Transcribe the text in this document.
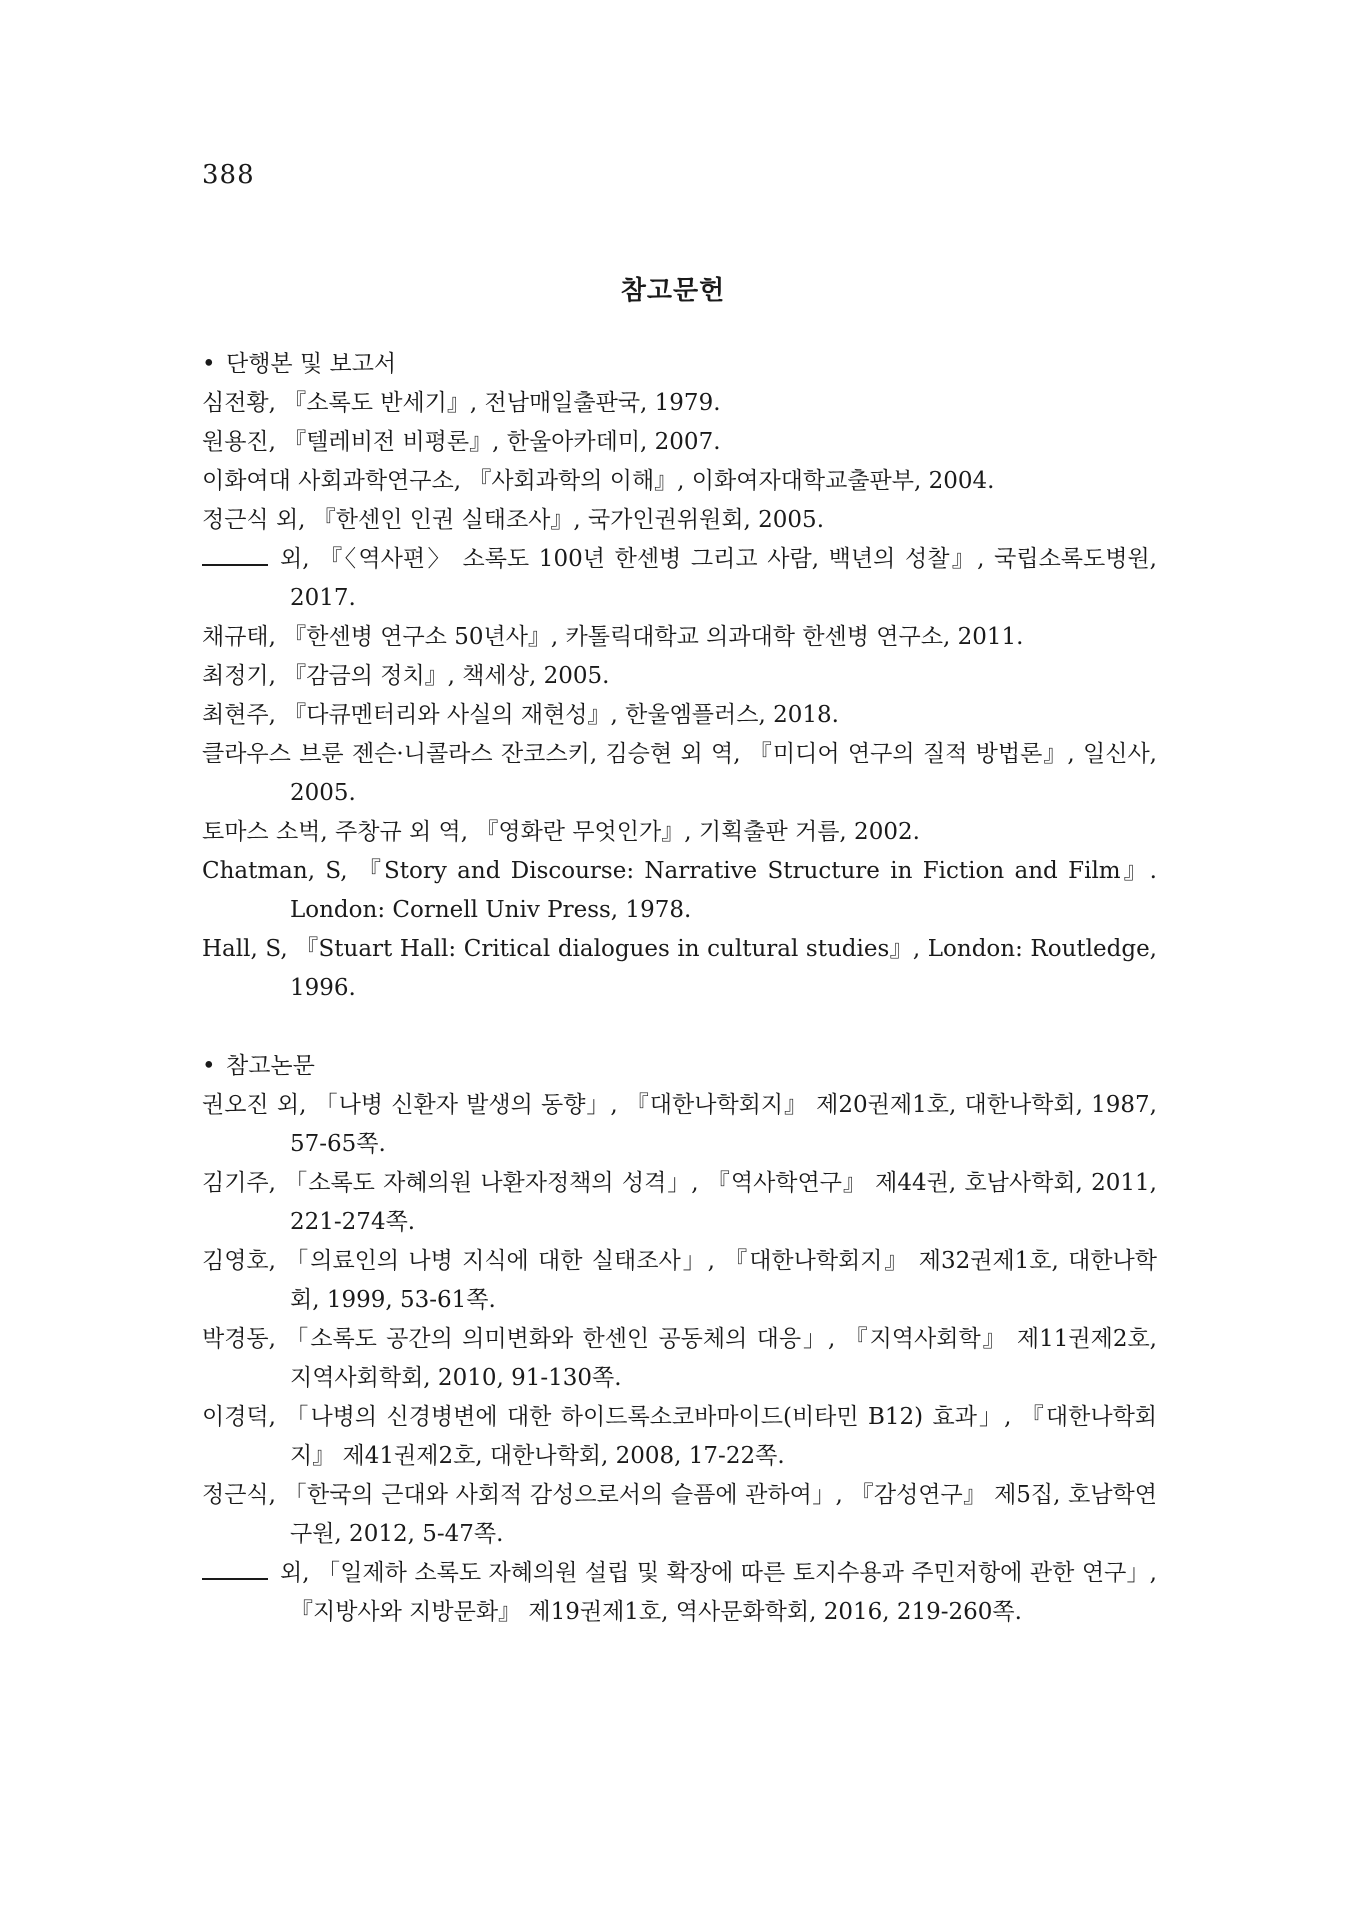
388
참고문헌

• 단행본 및 보고서

심전황, 『소록도 반세기』, 전남매일출판국, 1979.
원용진, 『텔레비전 비평론』, 한울아카데미, 2007.
이화여대 사회과학연구소, 『사회과학의 이해』, 이화여자대학교출판부, 2004.
정근식 외, 『한센인 인권 실태조사』, 국가인권위원회, 2005.
외, 『〈역사편〉 소록도 100년 한센병 그리고 사람, 백년의 성찰』, 국립소록도병원, 2017.
채규태, 『한센병 연구소 50년사』, 카톨릭대학교 의과대학 한센병 연구소, 2011.
최정기, 『감금의 정치』, 책세상, 2005.
최현주, 『다큐멘터리와 사실의 재현성』, 한울엠플러스, 2018.
클라우스 브룬 젠슨·니콜라스 잔코스키, 김승현 외 역, 『미디어 연구의 질적 방법론』, 일신사, 2005.
토마스 소벅, 주창규 외 역, 『영화란 무엇인가』, 기획출판 거름, 2002.
Chatman, S, 『Story and Discourse: Narrative Structure in Fiction and Film』. London: Cornell Univ Press, 1978.
Hall, S, 『Stuart Hall: Critical dialogues in cultural studies』, London: Routledge, 1996.

• 참고논문

권오진 외, 「나병 신환자 발생의 동향」, 『대한나학회지』 제20권제1호, 대한나학회, 1987, 57-65쪽.
김기주, 「소록도 자혜의원 나환자정책의 성격」, 『역사학연구』 제44권, 호남사학회, 2011, 221-274쪽.
김영호, 「의료인의 나병 지식에 대한 실태조사」, 『대한나학회지』 제32권제1호, 대한나학회, 1999, 53-61쪽.
박경동, 「소록도 공간의 의미변화와 한센인 공동체의 대응」, 『지역사회학』 제11권제2호, 지역사회학회, 2010, 91-130쪽.
이경덕, 「나병의 신경병변에 대한 하이드록소코바마이드(비타민 B12) 효과」, 『대한나학회지』 제41권제2호, 대한나학회, 2008, 17-22쪽.
정근식, 「한국의 근대와 사회적 감성으로서의 슬픔에 관하여」, 『감성연구』 제5집, 호남학연구원, 2012, 5-47쪽.
외, 「일제하 소록도 자혜의원 설립 및 확장에 따른 토지수용과 주민저항에 관한 연구」, 『지방사와 지방문화』 제19권제1호, 역사문화학회, 2016, 219-260쪽.
